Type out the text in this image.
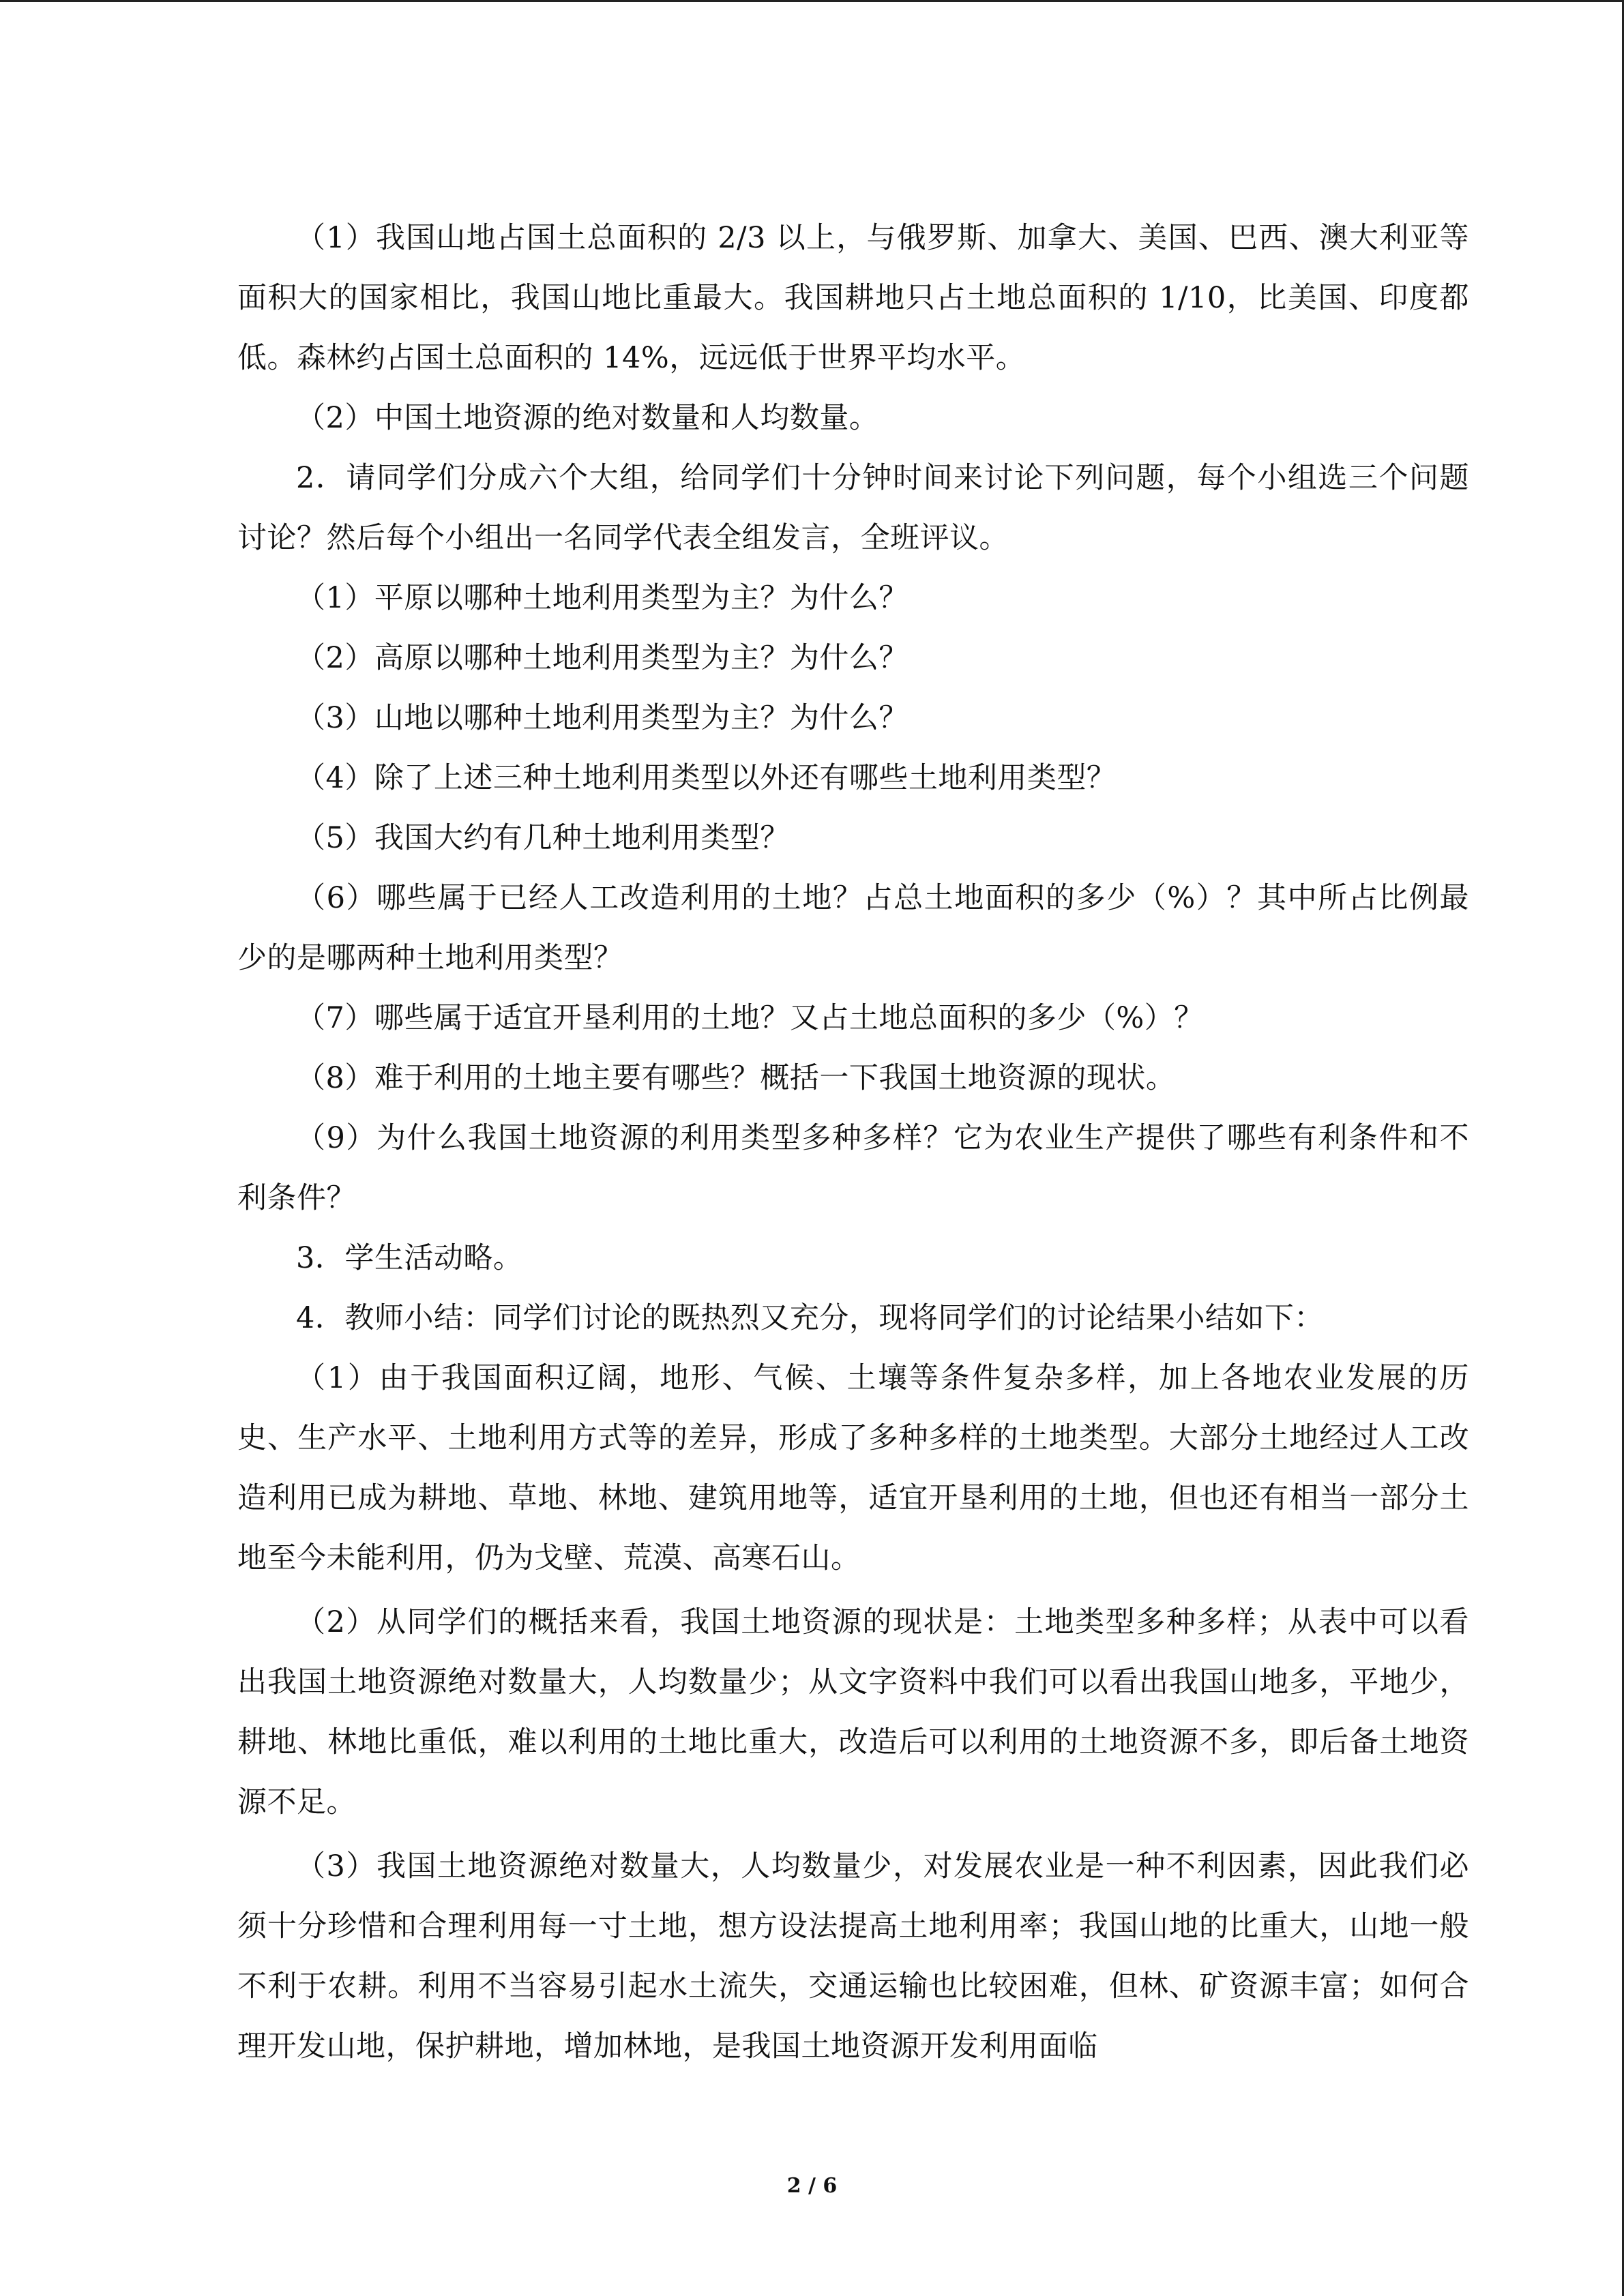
（1）我国山地占国土总面积的 2/3 以上，与俄罗斯、加拿大、美国、巴西、澳大利亚等面积大的国家相比，我国山地比重最大。我国耕地只占土地总面积的 1/10，比美国、印度都低。森林约占国土总面积的 14%，远远低于世界平均水平。

（2）中国土地资源的绝对数量和人均数量。

2．请同学们分成六个大组，给同学们十分钟时间来讨论下列问题，每个小组选三个问题讨论？然后每个小组出一名同学代表全组发言，全班评议。

（1）平原以哪种土地利用类型为主？为什么？

（2）高原以哪种土地利用类型为主？为什么？

（3）山地以哪种土地利用类型为主？为什么？

（4）除了上述三种土地利用类型以外还有哪些土地利用类型？

（5）我国大约有几种土地利用类型？

（6）哪些属于已经人工改造利用的土地？占总土地面积的多少（%）？其中所占比例最少的是哪两种土地利用类型？

（7）哪些属于适宜开垦利用的土地？又占土地总面积的多少（%）？

（8）难于利用的土地主要有哪些？概括一下我国土地资源的现状。

（9）为什么我国土地资源的利用类型多种多样？它为农业生产提供了哪些有利条件和不利条件？

3．学生活动略。

4．教师小结：同学们讨论的既热烈又充分，现将同学们的讨论结果小结如下：

（1）由于我国面积辽阔，地形、气候、土壤等条件复杂多样，加上各地农业发展的历史、生产水平、土地利用方式等的差异，形成了多种多样的土地类型。大部分土地经过人工改造利用已成为耕地、草地、林地、建筑用地等，适宜开垦利用的土地，但也还有相当一部分土地至今未能利用，仍为戈壁、荒漠、高寒石山。

（2）从同学们的概括来看，我国土地资源的现状是：土地类型多种多样；从表中可以看出我国土地资源绝对数量大，人均数量少；从文字资料中我们可以看出我国山地多，平地少，耕地、林地比重低，难以利用的土地比重大，改造后可以利用的土地资源不多，即后备土地资源不足。

（3）我国土地资源绝对数量大，人均数量少，对发展农业是一种不利因素，因此我们必须十分珍惜和合理利用每一寸土地，想方设法提高土地利用率；我国山地的比重大，山地一般不利于农耕。利用不当容易引起水土流失，交通运输也比较困难，但林、矿资源丰富；如何合理开发山地，保护耕地，增加林地，是我国土地资源开发利用面临

2 / 6
